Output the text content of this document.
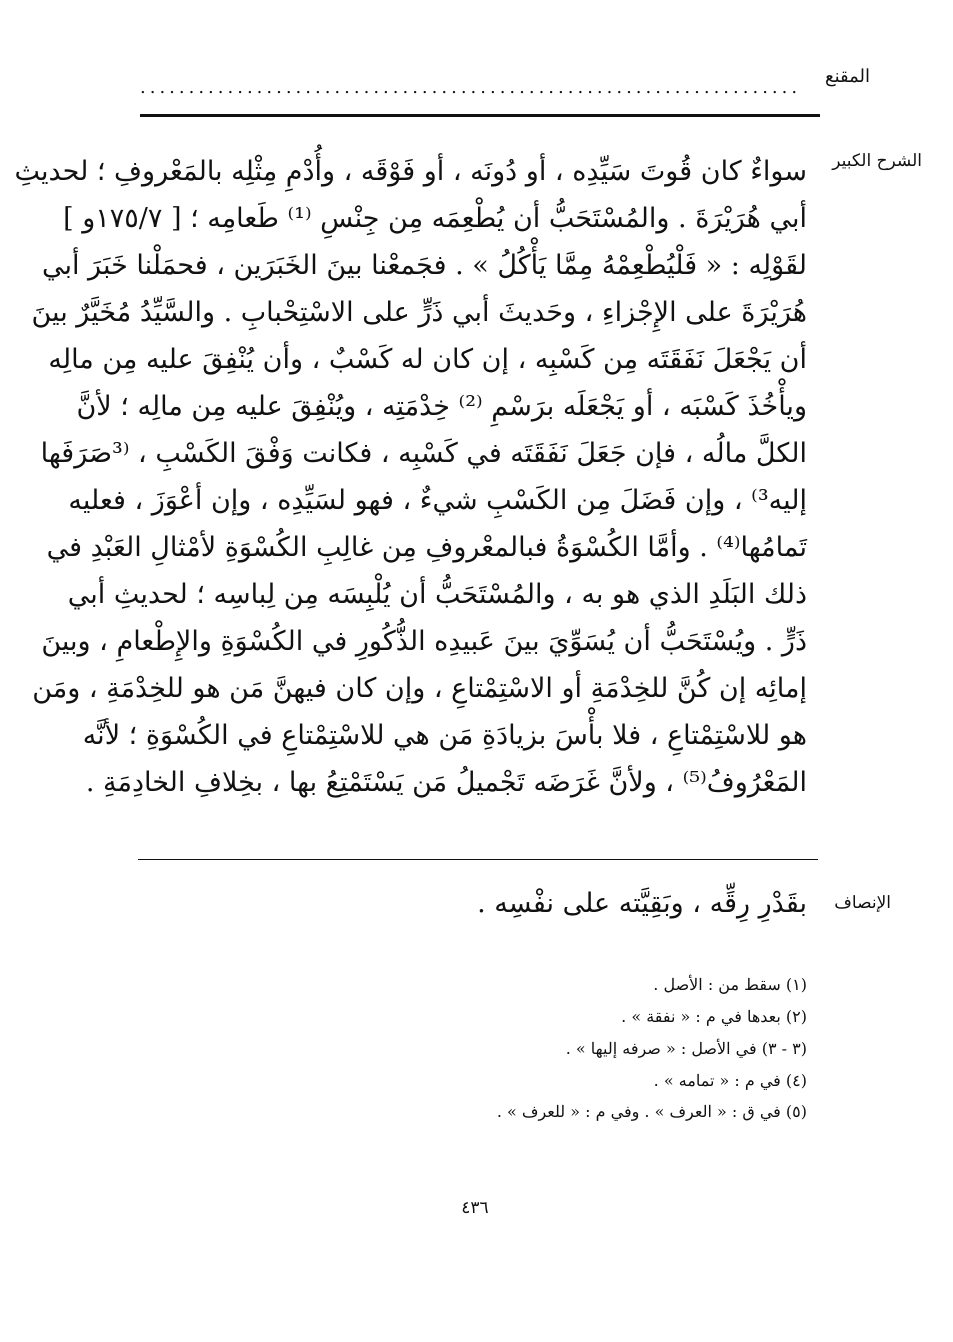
المقنع
....................................................................
الشرح الكبير
سواءٌ كان قُوتَ سَيِّدِه ، أو دُونَه ، أو فَوْقَه ، وأُدْمِ مِثْلِه بالمَعْروفِ ؛ لحديثِ
أبي هُرَيْرَةَ . والمُسْتَحَبُّ أن يُطْعِمَه مِن جِنْسِ ⁽¹⁾ طَعامِه ؛ [ ١٧٥/٧و ]
لقَوْلِه : « فَلْيُطْعِمْهُ مِمَّا يَأْكُلُ » . فجَمعْنا بينَ الخَبَرَين ، فحمَلْنا خَبَرَ أبي
هُرَيْرَةَ على الإِجْزاءِ ، وحَديثَ أبي ذَرٍّ على الاسْتِحْبابِ . والسَّيِّدُ مُخَيَّرٌ بينَ
أن يَجْعَلَ نَفَقَتَه مِن كَسْبِه ، إن كان له كَسْبٌ ، وأن يُنْفِقَ عليه مِن مالِه
ويأْخُذَ كَسْبَه ، أو يَجْعَلَه برَسْمِ ⁽²⁾ خِدْمَتِه ، ويُنْفِقَ عليه مِن مالِه ؛ لأنَّ
الكلَّ مالُه ، فإن جَعَلَ نَفَقَتَه في كَسْبِه ، فكانت وَفْقَ الكَسْبِ ، ⁽³صَرَفَها
إليه³⁾ ، وإن فَضَلَ مِن الكَسْبِ شيءٌ ، فهو لسَيِّدِه ، وإن أعْوَزَ ، فعليه
تَمامُها⁽⁴⁾ . وأمَّا الكُسْوَةُ فبالمعْروفِ مِن غالِبِ الكُسْوَةِ لأمْثالِ العَبْدِ في
ذلك البَلَدِ الذي هو به ، والمُسْتَحَبُّ أن يُلْبِسَه مِن لِباسِه ؛ لحديثِ أبي
ذَرٍّ . ويُسْتَحَبُّ أن يُسَوِّيَ بينَ عَبيدِه الذُّكُورِ في الكُسْوَةِ والإِطْعامِ ، وبينَ
إمائِه إن كُنَّ للخِدْمَةِ أو الاسْتِمْتاعِ ، وإن كان فيهنَّ مَن هو للخِدْمَةِ ، ومَن
هو للاسْتِمْتاعِ ، فلا بأْسَ بزيادَةِ مَن هي للاسْتِمْتاعِ في الكُسْوَةِ ؛ لأنَّه
المَعْرُوفُ⁽⁵⁾ ، ولأنَّ غَرَضَه تَجْميلُ مَن يَسْتَمْتِعُ بها ، بخِلافِ الخادِمَةِ .
الإنصاف
بقَدْرِ رِقِّه ، وبَقِيَّته على نفْسِه .
(١) سقط من : الأصل .
(٢) بعدها في م : « نفقة » .
(٣ - ٣) في الأصل : « صرفه إليها » .
(٤) في م : « تمامه » .
(٥) في ق : « العرف » . وفي م : « للعرف » .
٤٣٦
